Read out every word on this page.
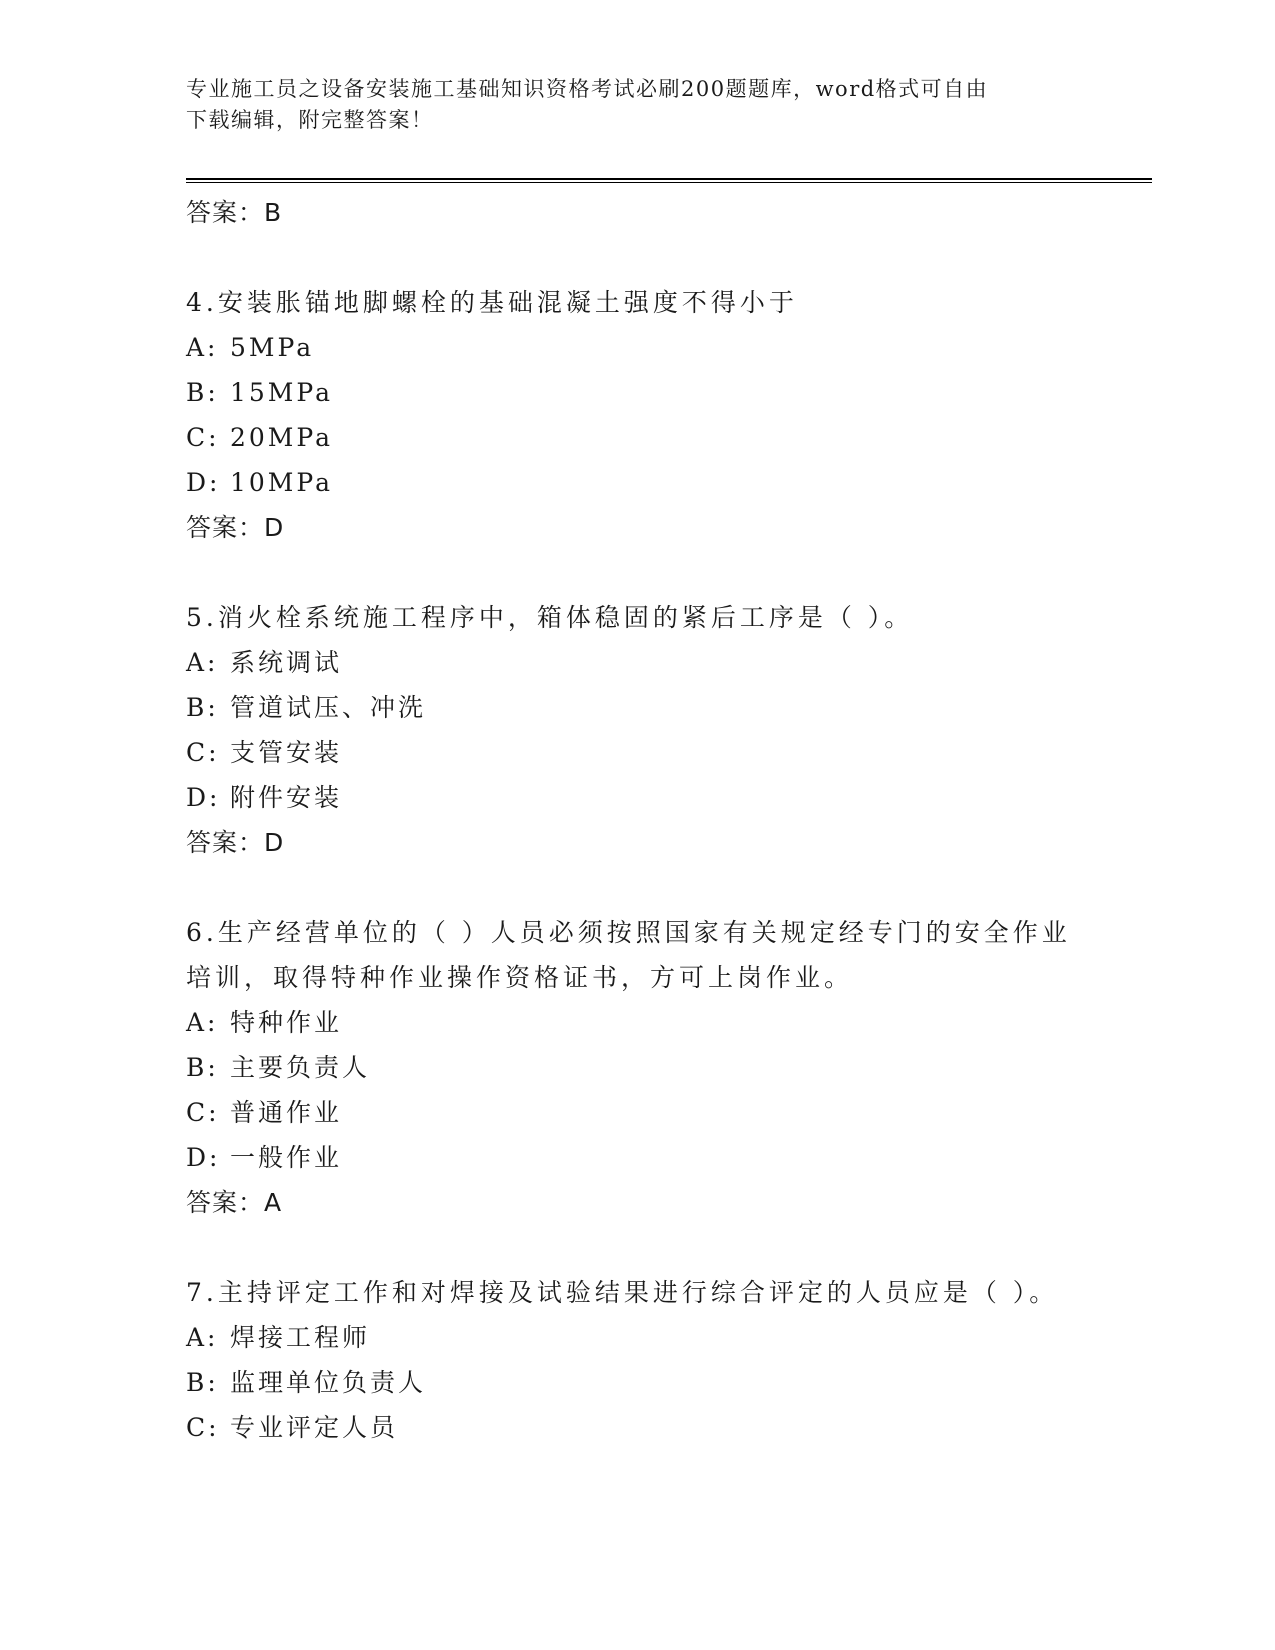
专业施工员之设备安装施工基础知识资格考试必刷200题题库，word格式可自由
下载编辑，附完整答案！
答案：B
4.安装胀锚地脚螺栓的基础混凝土强度不得小于
A: 5MPa
B: 15MPa
C: 20MPa
D: 10MPa
答案：D
5.消火栓系统施工程序中，箱体稳固的紧后工序是（ ）。
A: 系统调试
B: 管道试压、冲洗
C: 支管安装
D: 附件安装
答案：D
6.生产经营单位的（ ）人员必须按照国家有关规定经专门的安全作业培训，取得特种作业操作资格证书，方可上岗作业。
A: 特种作业
B: 主要负责人
C: 普通作业
D: 一般作业
答案：A
7.主持评定工作和对焊接及试验结果进行综合评定的人员应是（ ）。
A: 焊接工程师
B: 监理单位负责人
C: 专业评定人员
